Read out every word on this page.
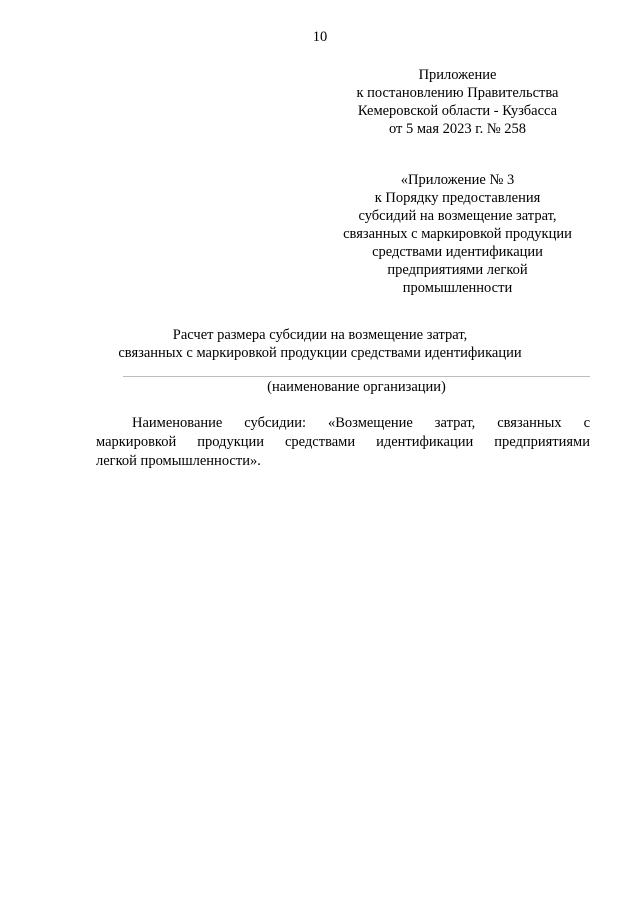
10
Приложение
к постановлению Правительства
Кемеровской области - Кузбасса
от 5 мая 2023 г. № 258
«Приложение № 3
к Порядку предоставления
субсидий на возмещение затрат,
связанных с маркировкой продукции
средствами идентификации
предприятиями легкой
промышленности
Расчет размера субсидии на возмещение затрат,
связанных с маркировкой продукции средствами идентификации
(наименование организации)
Наименование субсидии: «Возмещение затрат, связанных с
маркировкой продукции средствами идентификации предприятиями
легкой промышленности».
